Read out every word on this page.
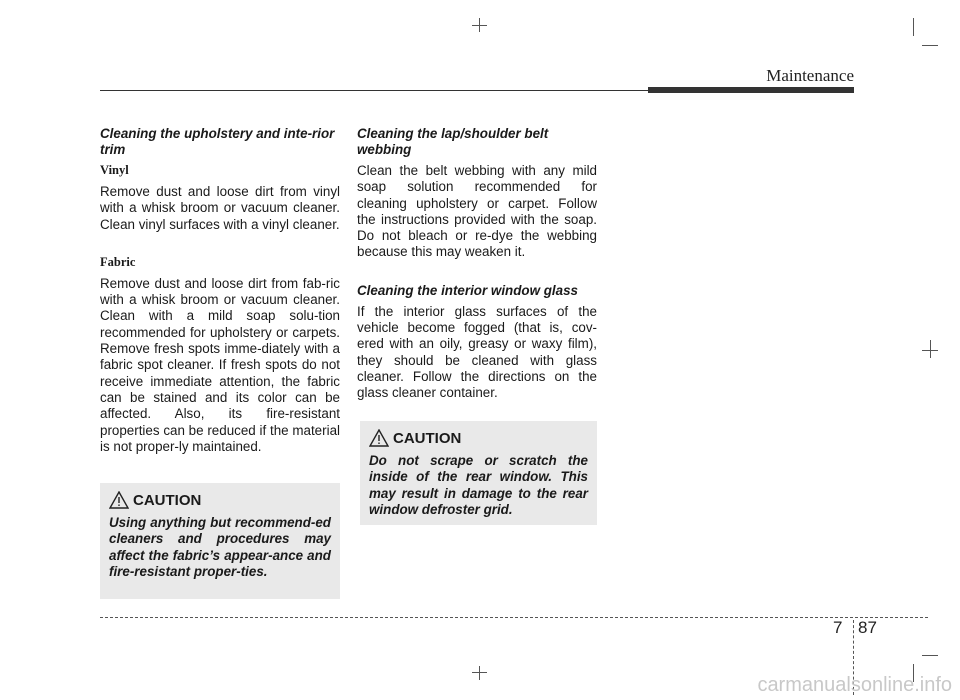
Maintenance

Cleaning the upholstery and inte-rior trim

Vinyl

Remove dust and loose dirt from vinyl with a whisk broom or vacuum cleaner. Clean vinyl surfaces with a vinyl cleaner.

Fabric

Remove dust and loose dirt from fab-ric with a whisk broom or vacuum cleaner. Clean with a mild soap solu-tion recommended for upholstery or carpets. Remove fresh spots imme-diately with a fabric spot cleaner. If fresh spots do not receive immediate attention, the fabric can be stained and its color can be affected. Also, its fire-resistant properties can be reduced if the material is not proper-ly maintained.

CAUTION

Using anything but recommend-ed cleaners and procedures may affect the fabric’s appear-ance and fire-resistant proper-ties.

Cleaning the lap/shoulder belt webbing

Clean the belt webbing with any mild soap solution recommended for cleaning upholstery or carpet. Follow the instructions provided with the soap. Do not bleach or re-dye the webbing because this may weaken it.

Cleaning the interior window glass

If the interior glass surfaces of the vehicle become fogged (that is, cov-ered with an oily, greasy or waxy film), they should be cleaned with glass cleaner. Follow the directions on the glass cleaner container.

CAUTION

Do not scrape or scratch the inside of the rear window. This may result in damage to the rear window defroster grid.

7 87
carmanualsonline.info
